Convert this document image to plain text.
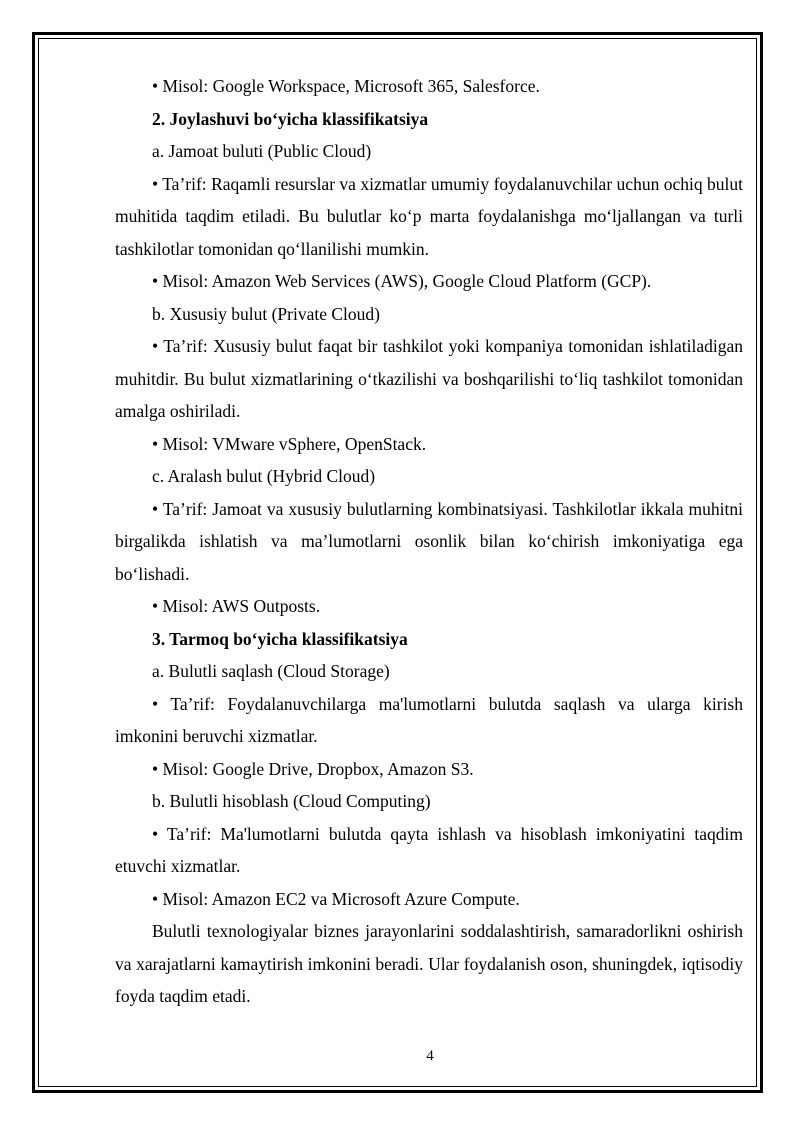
• Misol: Google Workspace, Microsoft 365, Salesforce.

2. Joylashuvi bo‘yicha klassifikatsiya

a. Jamoat buluti (Public Cloud)

• Ta’rif: Raqamli resurslar va xizmatlar umumiy foydalanuvchilar uchun ochiq bulut muhitida taqdim etiladi. Bu bulutlar ko‘p marta foydalanishga mo‘ljallangan va turli tashkilotlar tomonidan qo‘llanilishi mumkin.

• Misol: Amazon Web Services (AWS), Google Cloud Platform (GCP).

b. Xususiy bulut (Private Cloud)

• Ta’rif: Xususiy bulut faqat bir tashkilot yoki kompaniya tomonidan ishlatiladigan muhitdir. Bu bulut xizmatlarining o‘tkazilishi va boshqarilishi to‘liq tashkilot tomonidan amalga oshiriladi.

• Misol: VMware vSphere, OpenStack.

c. Aralash bulut (Hybrid Cloud)

• Ta’rif: Jamoat va xususiy bulutlarning kombinatsiyasi. Tashkilotlar ikkala muhitni birgalikda ishlatish va ma’lumotlarni osonlik bilan ko‘chirish imkoniyatiga ega bo‘lishadi.

• Misol: AWS Outposts.

3. Tarmoq bo‘yicha klassifikatsiya

a. Bulutli saqlash (Cloud Storage)

• Ta’rif: Foydalanuvchilarga ma'lumotlarni bulutda saqlash va ularga kirish imkonini beruvchi xizmatlar.

• Misol: Google Drive, Dropbox, Amazon S3.

b. Bulutli hisoblash (Cloud Computing)

• Ta’rif: Ma'lumotlarni bulutda qayta ishlash va hisoblash imkoniyatini taqdim etuvchi xizmatlar.

• Misol: Amazon EC2 va Microsoft Azure Compute.

Bulutli texnologiyalar biznes jarayonlarini soddalashtirish, samaradorlikni oshirish va xarajatlarni kamaytirish imkonini beradi. Ular foydalanish oson, shuningdek, iqtisodiy foyda taqdim etadi.

4
